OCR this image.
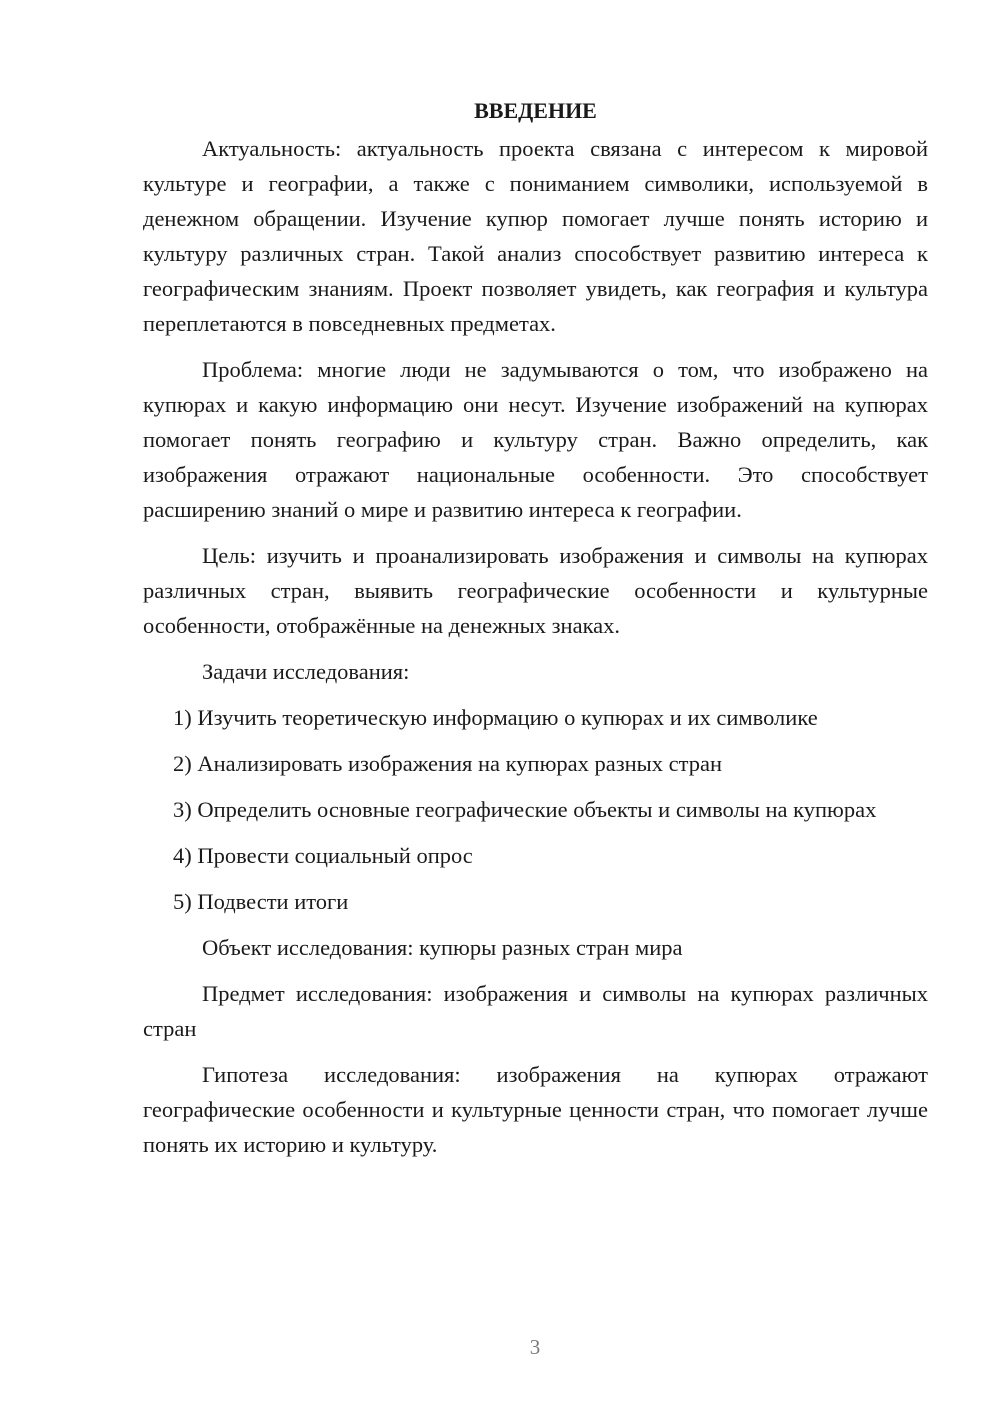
ВВЕДЕНИЕ

Актуальность: актуальность проекта связана с интересом к мировой культуре и географии, а также с пониманием символики, используемой в денежном обращении. Изучение купюр помогает лучше понять историю и культуру различных стран. Такой анализ способствует развитию интереса к географическим знаниям. Проект позволяет увидеть, как география и культура переплетаются в повседневных предметах.

Проблема: многие люди не задумываются о том, что изображено на купюрах и какую информацию они несут. Изучение изображений на купюрах помогает понять географию и культуру стран. Важно определить, как изображения отражают национальные особенности. Это способствует расширению знаний о мире и развитию интереса к географии.

Цель: изучить и проанализировать изображения и символы на купюрах различных стран, выявить географические особенности и культурные особенности, отображённые на денежных знаках.

Задачи исследования:

1) Изучить теоретическую информацию о купюрах и их символике

2) Анализировать изображения на купюрах разных стран

3) Определить основные географические объекты и символы на купюрах

4) Провести социальный опрос

5) Подвести итоги

Объект исследования: купюры разных стран мира

Предмет исследования: изображения и символы на купюрах различных стран

Гипотеза исследования: изображения на купюрах отражают географические особенности и культурные ценности стран, что помогает лучше понять их историю и культуру.

3
